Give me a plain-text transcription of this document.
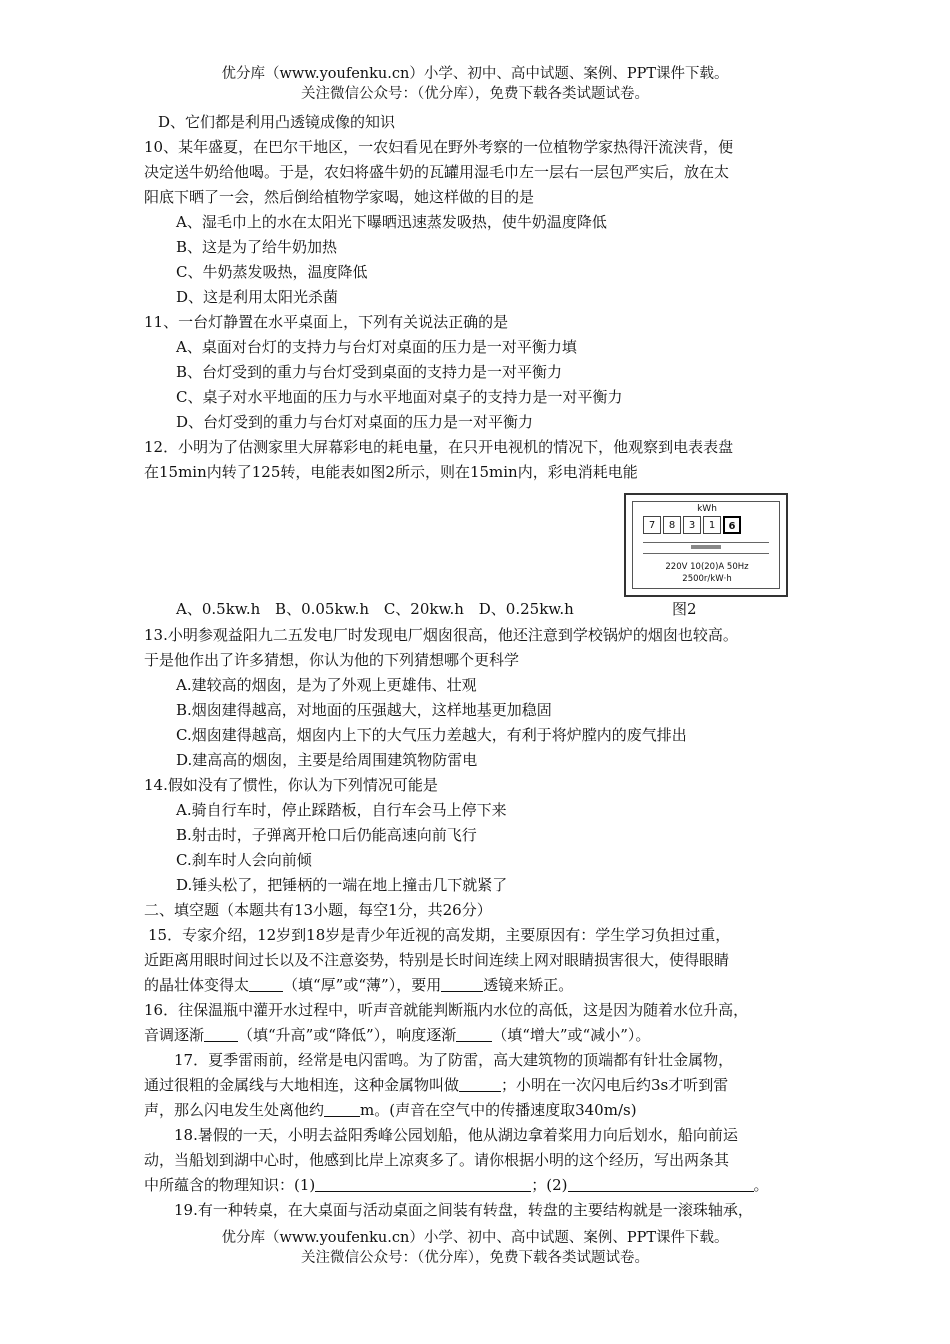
优分库（www.youfenku.cn）小学、初中、高中试题、案例、PPT课件下载。
关注微信公众号：（优分库），免费下载各类试题试卷。
D、它们都是利用凸透镜成像的知识
10、某年盛夏，在巴尔干地区，一农妇看见在野外考察的一位植物学家热得汗流浃背，便
决定送牛奶给他喝。于是，农妇将盛牛奶的瓦罐用湿毛巾左一层右一层包严实后，放在太
阳底下晒了一会，然后倒给植物学家喝，她这样做的目的是
A、湿毛巾上的水在太阳光下曝晒迅速蒸发吸热，使牛奶温度降低
B、这是为了给牛奶加热
C、牛奶蒸发吸热，温度降低
D、这是利用太阳光杀菌
11、一台灯静置在水平桌面上，下列有关说法正确的是
A、桌面对台灯的支持力与台灯对桌面的压力是一对平衡力填
B、台灯受到的重力与台灯受到桌面的支持力是一对平衡力
C、桌子对水平地面的压力与水平地面对桌子的支持力是一对平衡力
D、台灯受到的重力与台灯对桌面的压力是一对平衡力
12．小明为了估测家里大屏幕彩电的耗电量，在只开电视机的情况下，他观察到电表表盘
在15min内转了125转，电能表如图2所示，则在15min内，彩电消耗电能
kWh
7	8	3	1	6
220V 10(20)A 50Hz
2500r/kW·h
A、0.5kw.h B、0.05kw.h C、20kw.h D、0.25kw.h	图2
13.小明参观益阳九二五发电厂时发现电厂烟囱很高，他还注意到学校锅炉的烟囱也较高。
于是他作出了许多猜想，你认为他的下列猜想哪个更科学
A.建较高的烟囱，是为了外观上更雄伟、壮观
B.烟囱建得越高，对地面的压强越大，这样地基更加稳固
C.烟囱建得越高，烟囱内上下的大气压力差越大，有利于将炉膛内的废气排出
D.建高高的烟囱，主要是给周围建筑物防雷电
14.假如没有了惯性，你认为下列情况可能是
A.骑自行车时，停止踩踏板，自行车会马上停下来
B.射击时，子弹离开枪口后仍能高速向前飞行
C.刹车时人会向前倾
D.锤头松了，把锤柄的一端在地上撞击几下就紧了
二、填空题（本题共有13小题，每空1分，共26分）
15．专家介绍，12岁到18岁是青少年近视的高发期，主要原因有：学生学习负担过重，
近距离用眼时间过长以及不注意姿势，特别是长时间连续上网对眼睛损害很大，使得眼睛
的晶壮体变得太 （填“厚”或“薄”），要用	透镜来矫正。
16．往保温瓶中灌开水过程中，听声音就能判断瓶内水位的高低，这是因为随着水位升高，
音调逐渐 （填“升高”或“降低”），响度逐渐 （填“增大”或“减小”）。
17．夏季雷雨前，经常是电闪雷鸣。为了防雷，高大建筑物的顶端都有针壮金属物，
通过很粗的金属线与大地相连，这种金属物叫做	；小明在一次闪电后约3s才听到雷
声，那么闪电发生处离他约 m。(声音在空气中的传播速度取340m/s)
18.暑假的一天，小明去益阳秀峰公园划船，他从湖边拿着桨用力向后划水，船向前运
动，当船划到湖中心时，他感到比岸上凉爽多了。请你根据小明的这个经历，写出两条其
中所蕴含的物理知识：(1)	；(2)	。
19.有一种转桌，在大桌面与活动桌面之间装有转盘，转盘的主要结构就是一滚珠轴承，
优分库（www.youfenku.cn）小学、初中、高中试题、案例、PPT课件下载。
关注微信公众号：（优分库），免费下载各类试题试卷。
